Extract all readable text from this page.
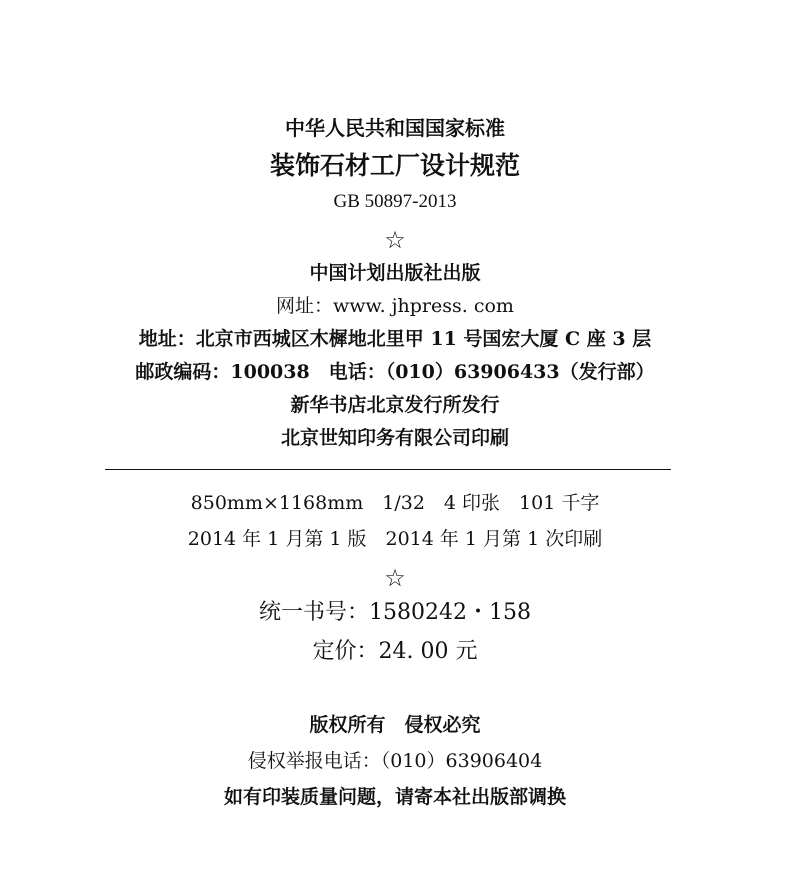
中华人民共和国国家标准
装饰石材工厂设计规范
GB 50897-2013
☆
中国计划出版社出版
网址：www. jhpress. com
地址：北京市西城区木樨地北里甲 11 号国宏大厦 C 座 3 层
邮政编码：100038　电话：（010）63906433（发行部）
新华书店北京发行所发行
北京世知印务有限公司印刷
850mm×1168mm　1/32　4 印张　101 千字
2014 年 1 月第 1 版　2014 年 1 月第 1 次印刷
☆
统一书号：1580242・158
定价：24. 00 元
版权所有　侵权必究
侵权举报电话：（010）63906404
如有印装质量问题，请寄本社出版部调换
